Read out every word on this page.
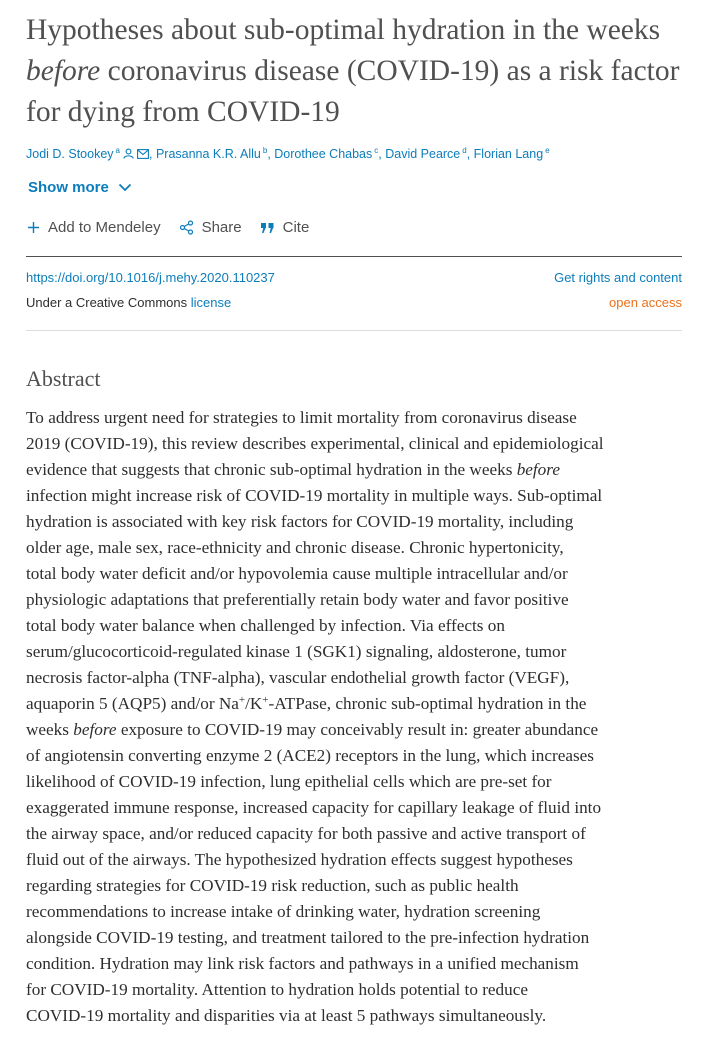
Hypotheses about sub-optimal hydration in the weeks before coronavirus disease (COVID-19) as a risk factor for dying from COVID-19
Jodi D. Stookey $^a$ , Prasanna K.R. Allu $^b$, Dorothee Chabas $^c$, David Pearce $^d$, Florian Lang $^e$
Show more
Add to Mendeley	Share	Cite
https://doi.org/10.1016/j.mehy.2020.110237
Under a Creative Commons license
Get rights and content
open access
Abstract

To address urgent need for strategies to limit mortality from coronavirus disease
2019 (COVID-19), this review describes experimental, clinical and epidemiological
evidence that suggests that chronic sub-optimal hydration in the weeks before
infection might increase risk of COVID-19 mortality in multiple ways. Sub-optimal
hydration is associated with key risk factors for COVID-19 mortality, including
older age, male sex, race-ethnicity and chronic disease. Chronic hypertonicity,
total body water deficit and/or hypovolemia cause multiple intracellular and/or
physiologic adaptations that preferentially retain body water and favor positive
total body water balance when challenged by infection. Via effects on
serum/glucocorticoid-regulated kinase 1 (SGK1) signaling, aldosterone, tumor
necrosis factor-alpha (TNF-alpha), vascular endothelial growth factor (VEGF),
aquaporin 5 (AQP5) and/or Na+/K+-ATPase, chronic sub-optimal hydration in the
weeks before exposure to COVID-19 may conceivably result in: greater abundance
of angiotensin converting enzyme 2 (ACE2) receptors in the lung, which increases
likelihood of COVID-19 infection, lung epithelial cells which are pre-set for
exaggerated immune response, increased capacity for capillary leakage of fluid into
the airway space, and/or reduced capacity for both passive and active transport of
fluid out of the airways. The hypothesized hydration effects suggest hypotheses
regarding strategies for COVID-19 risk reduction, such as public health
recommendations to increase intake of drinking water, hydration screening
alongside COVID-19 testing, and treatment tailored to the pre-infection hydration
condition. Hydration may link risk factors and pathways in a unified mechanism
for COVID-19 mortality. Attention to hydration holds potential to reduce
COVID-19 mortality and disparities via at least 5 pathways simultaneously.
